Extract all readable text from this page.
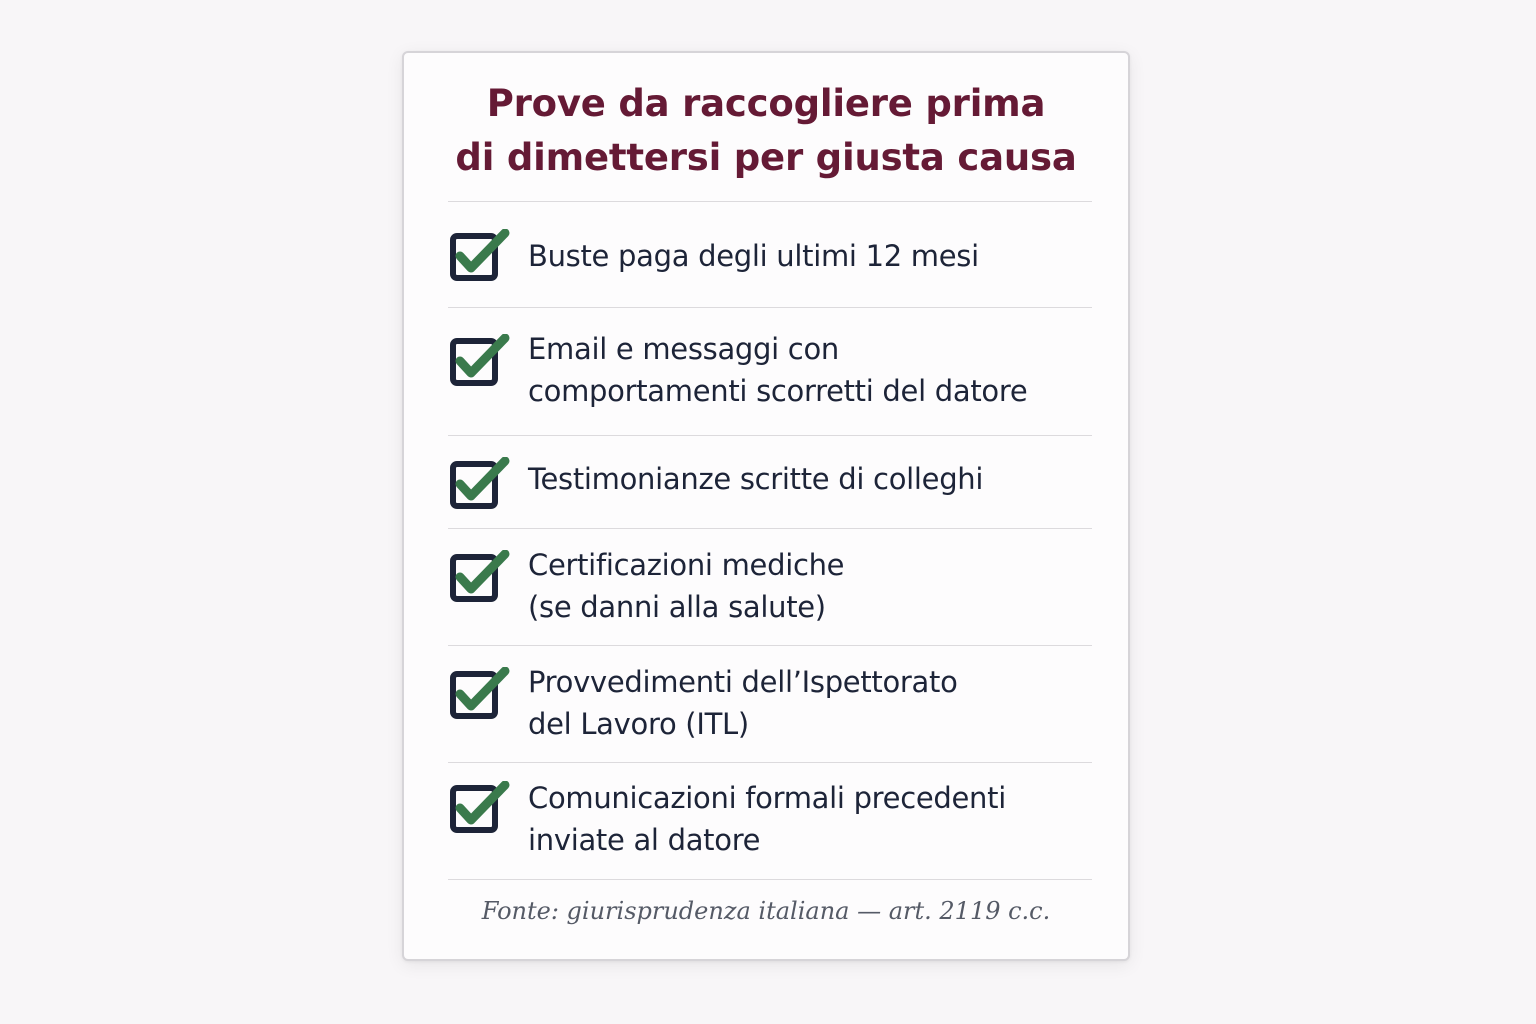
Prove da raccogliere prima
di dimettersi per giusta causa

Buste paga degli ultimi 12 mesi

Email e messaggi con
comportamenti scorretti del datore

Testimonianze scritte di colleghi

Certificazioni mediche
(se danni alla salute)

Provvedimenti dell’Ispettorato
del Lavoro (ITL)

Comunicazioni formali precedenti
inviate al datore

Fonte: giurisprudenza italiana — art. 2119 c.c.
